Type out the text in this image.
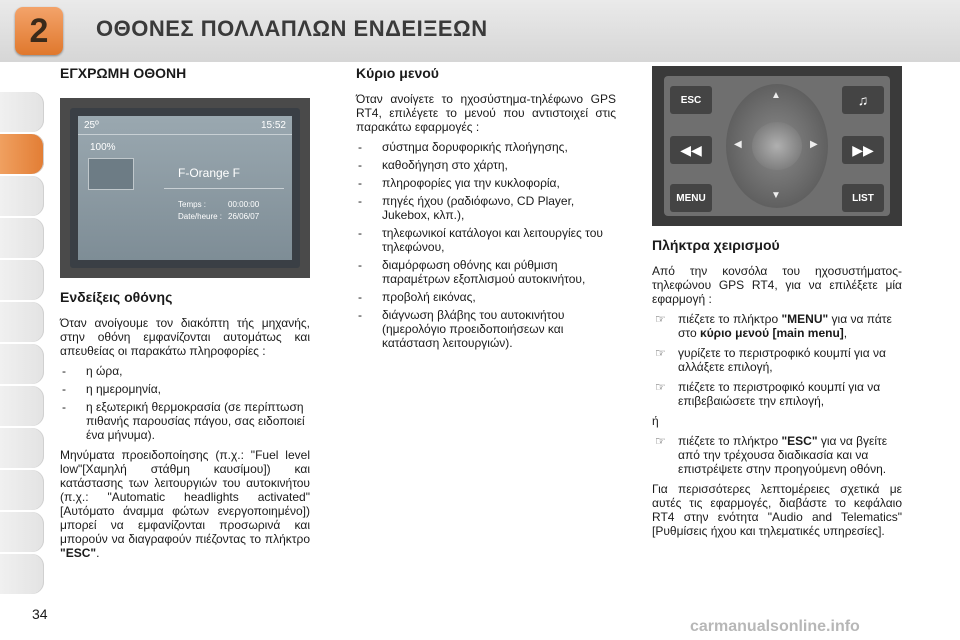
2	ΟΘΟΝΕΣ ΠΟΛΛΑΠΛΩΝ ΕΝΔΕΙΞΕΩΝ
ΕΓΧΡΩΜΗ ΟΘΟΝΗ
25º	15:52
100%
F-Orange F
Temps :	00:00:00
Date/heure : 26/06/07
Ενδείξεις οθόνης

Όταν ανοίγουμε τον διακόπτη τής μηχανής, στην οθόνη εμφανίζονται αυτομάτως και απευθείας οι παρακάτω πληροφορίες :

- η ώρα,
- η ημερομηνία,
- η εξωτερική θερμοκρασία (σε περίπτωση πιθανής παρουσίας πάγου, σας ειδοποιεί ένα μήνυμα).

Μηνύματα προειδοποίησης (π.χ.: "Fuel level low"[Χαμηλή στάθμη καυσίμου]) και κατάστασης των λειτουργιών του αυτοκινήτου (π.χ.: "Automatic headlights activated"[Αυτόματο άναμμα φώτων ενεργοποιημένο]) μπορεί να εμφανίζονται προσωρινά και μπορούν να διαγραφούν πιέζοντας το πλήκτρο "ESC".

Κύριο μενού

Όταν ανοίγετε το ηχοσύστημα-τηλέφωνο GPS RT4, επιλέγετε το μενού που αντιστοιχεί στις παρακάτω εφαρμογές :

- σύστημα δορυφορικής πλοήγησης,
- καθοδήγηση στο χάρτη,
- πληροφορίες για την κυκλοφορία,
- πηγές ήχου (ραδιόφωνο, CD Player, Jukebox, κλπ.),
- τηλεφωνικοί κατάλογοι και λειτουργίες του τηλεφώνου,
- διαμόρφωση οθόνης και ρύθμιση παραμέτρων εξοπλισμού αυτοκινήτου,
- προβολή εικόνας,
- διάγνωση βλάβης του αυτοκινήτου (ημερολόγιο προειδοποιήσεων και κατάσταση λειτουργιών).
ESC
◀◀
MENU
♫
▶▶
LIST
▲
▼
◀	▶
Πλήκτρα χειρισμού

Από την κονσόλα του ηχοσυστήματος-τηλεφώνου GPS RT4, για να επιλέξετε μία εφαρμογή :

☞ πιέζετε το πλήκτρο "MENU" για να πάτε στο κύριο μενού [main menu],
☞ γυρίζετε το περιστροφικό κουμπί για να αλλάξετε επιλογή,
☞ πιέζετε το περιστροφικό κουμπί για να επιβεβαιώσετε την επιλογή,

ή

☞ πιέζετε το πλήκτρο "ESC" για να βγείτε από την τρέχουσα διαδικασία και να επιστρέψετε στην προηγούμενη οθόνη.

Για περισσότερες λεπτομέρειες σχετικά με αυτές τις εφαρμογές, διαβάστε το κεφάλαιο RT4 στην ενότητα "Audio and Telematics" [Ρυθμίσεις ήχου και τηλεματικές υπηρεσίες].

34
carmanualsonline.info
